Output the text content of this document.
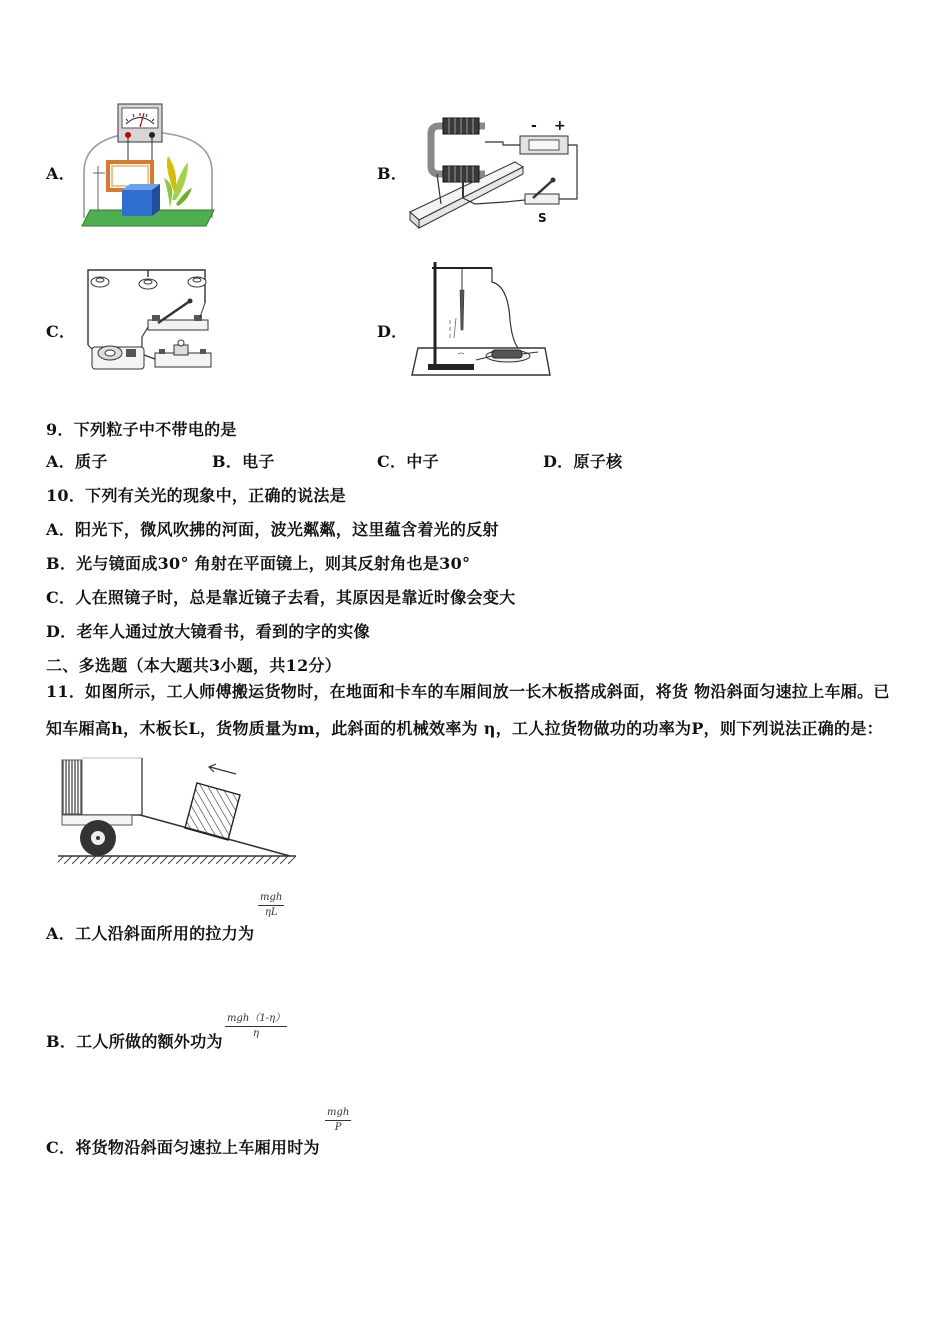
A．	B．
- +
S
C．	D．
9．下列粒子中不带电的是
A．质子	B．电子	C．中子	D．原子核
10．下列有关光的现象中，正确的说法是
A．阳光下，微风吹拂的河面，波光粼粼，这里蕴含着光的反射
B．光与镜面成30° 角射在平面镜上，则其反射角也是30°
C．人在照镜子时，总是靠近镜子去看，其原因是靠近时像会变大
D．老年人通过放大镜看书，看到的字的实像
二、多选题（本大题共3小题，共12分）
11．如图所示，工人师傅搬运货物时，在地面和卡车的车厢间放一长木板搭成斜面，将货 物沿斜面匀速拉上车厢。已
知车厢高h，木板长L，货物质量为m，此斜面的机械效率为 η，工人拉货物做功的功率为P，则下列说法正确的是：
mgh
ηL
A．工人沿斜面所用的拉力为
mgh（1-η）
η
B．工人所做的额外功为
mgh
P
C．将货物沿斜面匀速拉上车厢用时为
